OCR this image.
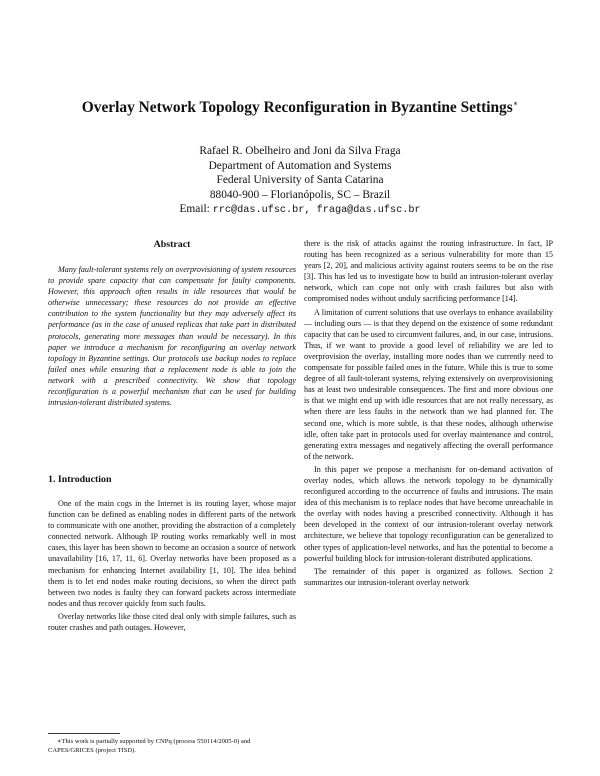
Overlay Network Topology Reconfiguration in Byzantine Settings∗
Rafael R. Obelheiro and Joni da Silva Fraga
Department of Automation and Systems
Federal University of Santa Catarina
88040-900 – Florianópolis, SC – Brazil
Email: rrc@das.ufsc.br, fraga@das.ufsc.br
Abstract

Many fault-tolerant systems rely on overprovisioning of system resources to provide spare capacity that can compensate for faulty components. However, this approach often results in idle resources that would be otherwise unnecessary; these resources do not provide an effective contribution to the system functionality but they may adversely affect its performance (as in the case of unused replicas that take part in distributed protocols, generating more messages than would be necessary). In this paper we introduce a mechanism for reconfiguring an overlay network topology in Byzantine settings. Our protocols use backup nodes to replace failed ones while ensuring that a replacement node is able to join the network with a prescribed connectivity. We show that topology reconfiguration is a powerful mechanism that can be used for building intrusion-tolerant distributed systems.

1. Introduction

One of the main cogs in the Internet is its routing layer, whose major function can be defined as enabling nodes in different parts of the network to communicate with one another, providing the abstraction of a completely connected network. Although IP routing works remarkably well in most cases, this layer has been shown to become an occasion a source of network unavailability [16, 17, 11, 6]. Overlay networks have been proposed as a mechanism for enhancing Internet availability [1, 10]. The idea behind them is to let end nodes make routing decisions, so when the direct path between two nodes is faulty they can forward packets across intermediate nodes and thus recover quickly from such faults.

Overlay networks like those cited deal only with simple failures, such as router crashes and path outages. However,

∗This work is partially supported by CNPq (process 550114/2005-0) and CAPES/GRICES (project TISD).

there is the risk of attacks against the routing infrastructure. In fact, IP routing has been recognized as a serious vulnerability for more than 15 years [2, 20], and malicious activity against routers seems to be on the rise [3]. This has led us to investigate how to build an intrusion-tolerant overlay network, which can cope not only with crash failures but also with compromised nodes without unduly sacrificing performance [14].

A limitation of current solutions that use overlays to enhance availability — including ours — is that they depend on the existence of some redundant capacity that can be used to circumvent failures, and, in our case, intrusions. Thus, if we want to provide a good level of reliability we are led to overprovision the overlay, installing more nodes than we currently need to compensate for possible failed ones in the future. While this is true to some degree of all fault-tolerant systems, relying extensively on overprovisioning has at least two undesirable consequences. The first and more obvious one is that we might end up with idle resources that are not really necessary, as when there are less faults in the network than we had planned for. The second one, which is more subtle, is that these nodes, although otherwise idle, often take part in protocols used for overlay maintenance and control, generating extra messages and negatively affecting the overall performance of the network.

In this paper we propose a mechanism for on-demand activation of overlay nodes, which allows the network topology to be dynamically reconfigured according to the occurrence of faults and intrusions. The main idea of this mechanism is to replace nodes that have become unreachable in the overlay with nodes having a prescribed connectivity. Although it has been developed in the context of our intrusion-tolerant overlay network architecture, we believe that topology reconfiguration can be generalized to other types of application-level networks, and has the potential to become a powerful building block for intrusion-tolerant distributed applications.

The remainder of this paper is organized as follows. Section 2 summarizes our intrusion-tolerant overlay network
